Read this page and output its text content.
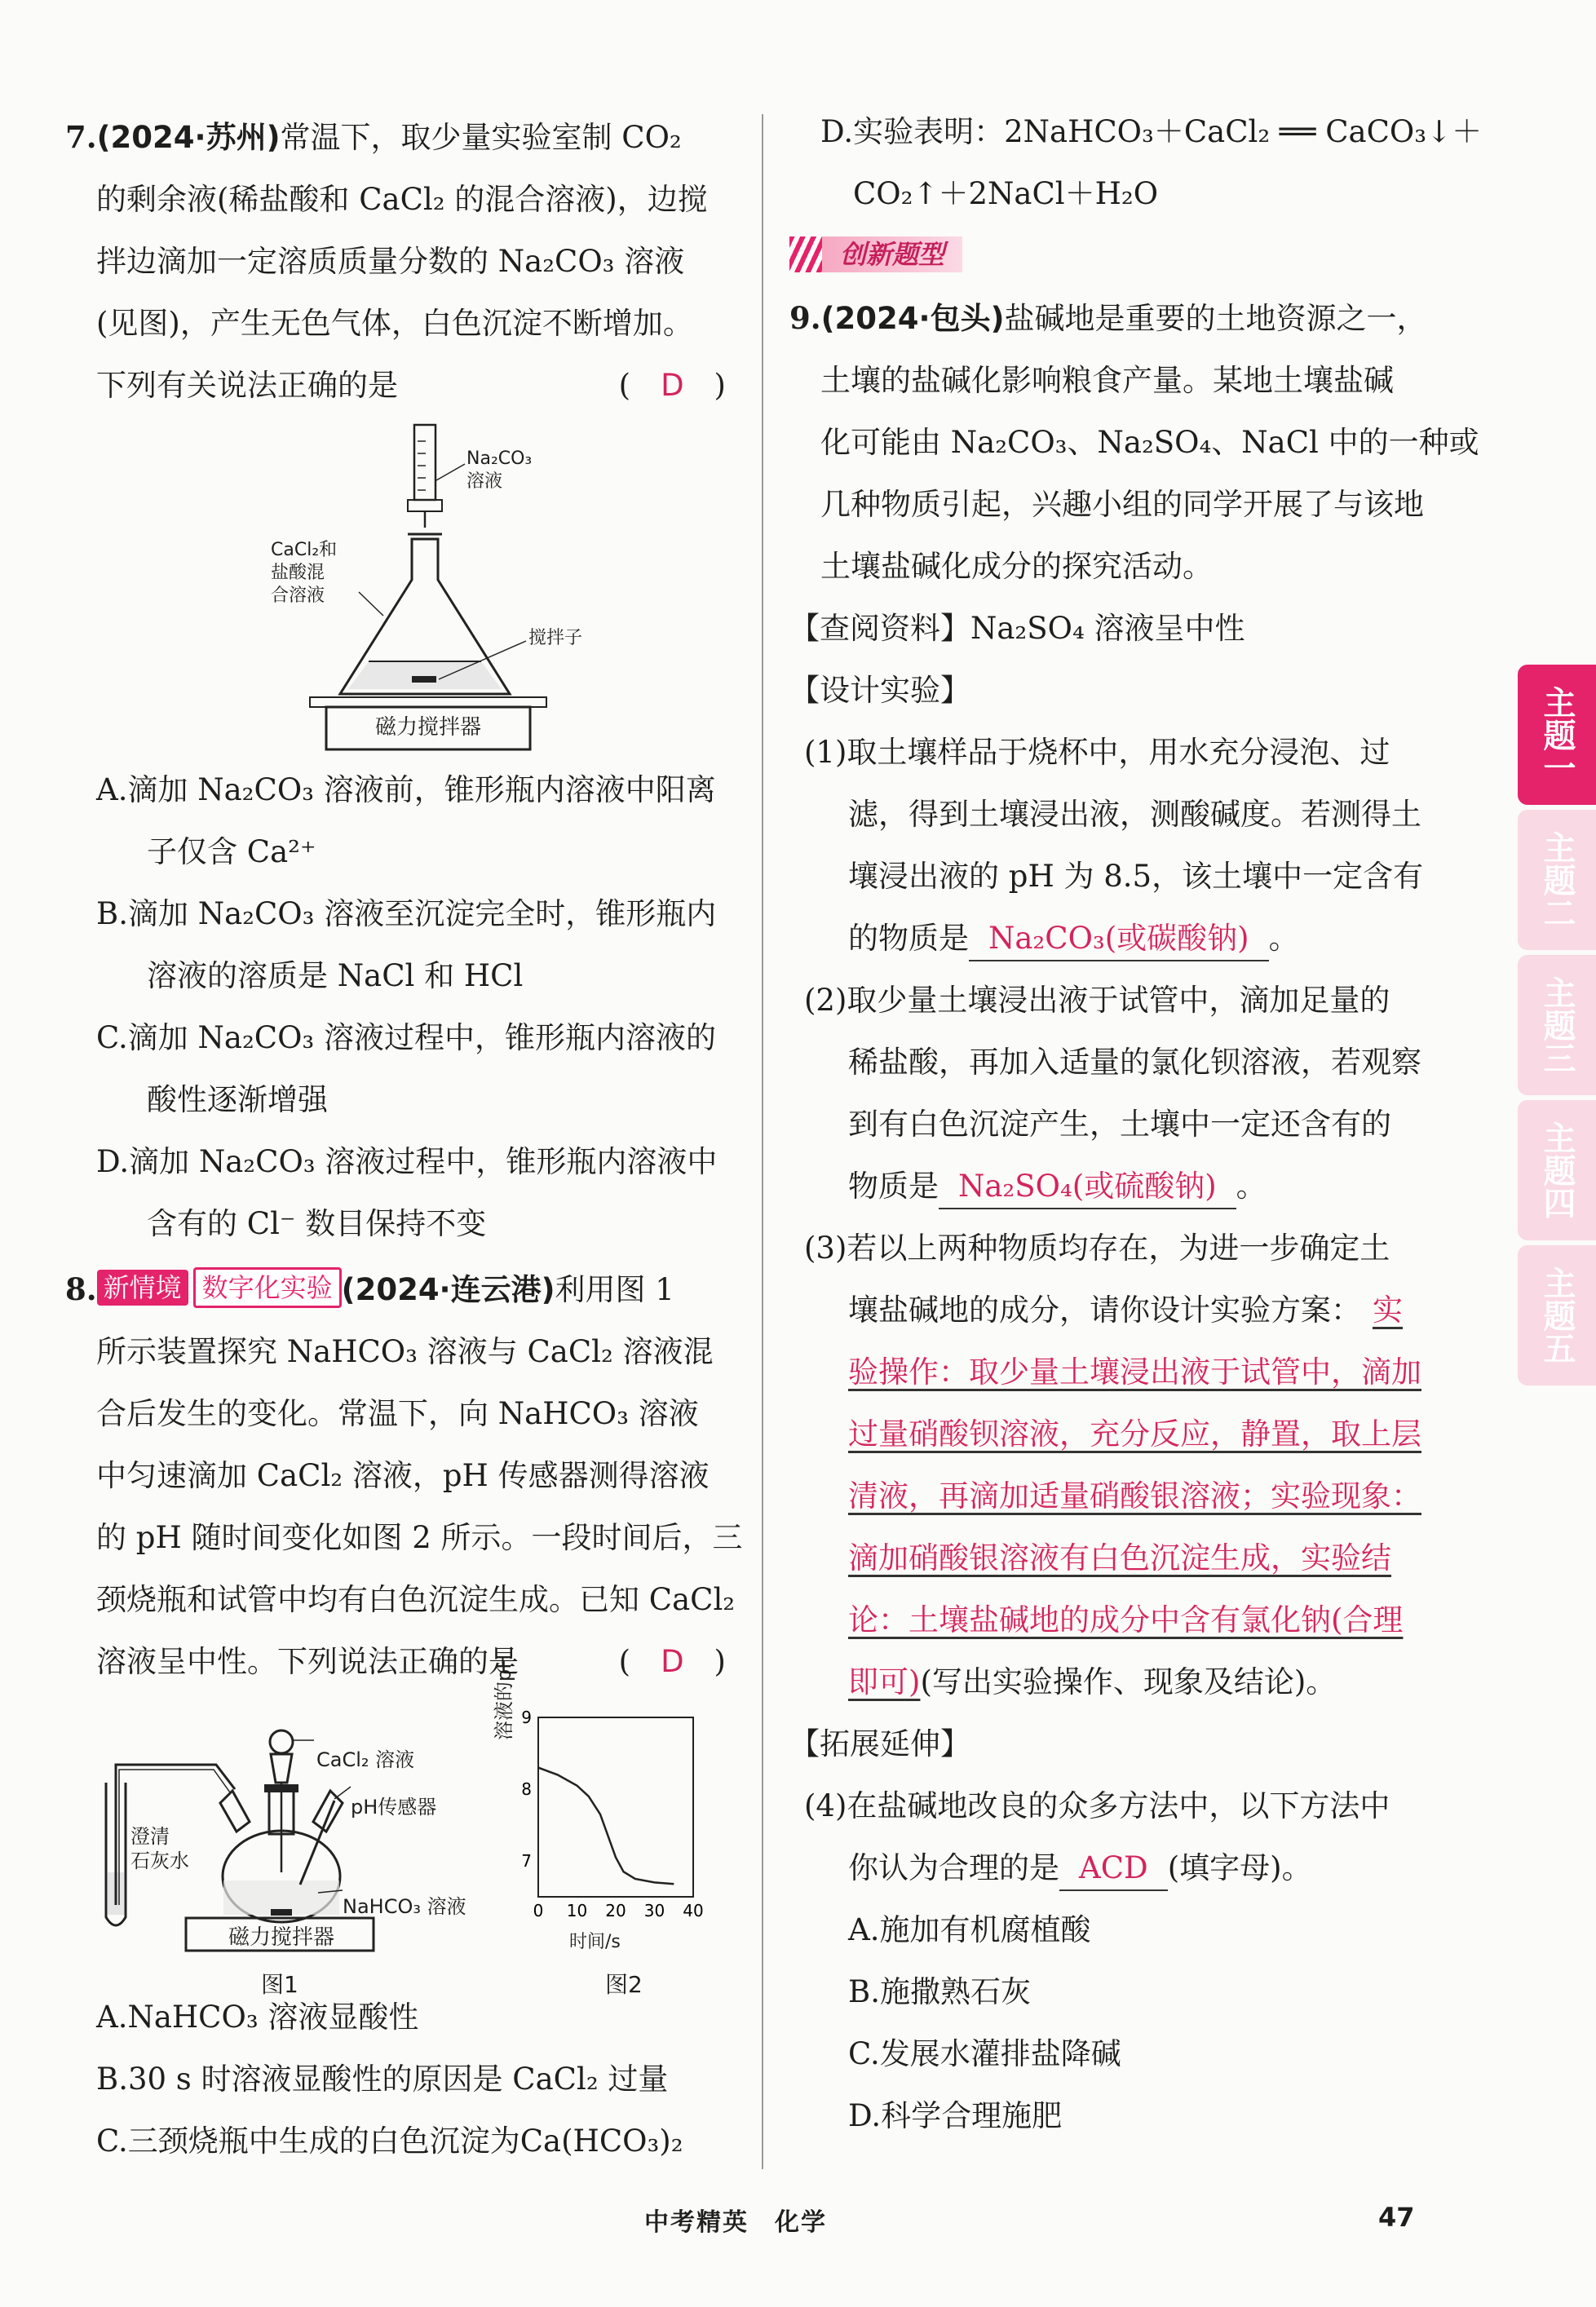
7.(2024·苏州)常温下，取少量实验室制 CO₂
的剩余液(稀盐酸和 CaCl₂ 的混合溶液)，边搅
拌边滴加一定溶质质量分数的 Na₂CO₃ 溶液
(见图)，产生无色气体，白色沉淀不断增加。
下列有关说法正确的是	(　D　)
Na₂CO₃
溶液
CaCl₂和
盐酸混
合溶液
搅拌子
磁力搅拌器
A.滴加 Na₂CO₃ 溶液前，锥形瓶内溶液中阳离
子仅含 Ca²⁺
B.滴加 Na₂CO₃ 溶液至沉淀完全时，锥形瓶内
溶液的溶质是 NaCl 和 HCl
C.滴加 Na₂CO₃ 溶液过程中，锥形瓶内溶液的
酸性逐渐增强
D.滴加 Na₂CO₃ 溶液过程中，锥形瓶内溶液中
含有的 Cl⁻ 数目保持不变
8. 新情境 数字化实验 (2024·连云港)利用图 1
所示装置探究 NaHCO₃ 溶液与 CaCl₂ 溶液混
合后发生的变化。常温下，向 NaHCO₃ 溶液
中匀速滴加 CaCl₂ 溶液，pH 传感器测得溶液
的 pH 随时间变化如图 2 所示。一段时间后，三
颈烧瓶和试管中均有白色沉淀生成。已知 CaCl₂
溶液呈中性。下列说法正确的是	(　D　)
CaCl₂ 溶液
pH传感器
澄清
石灰水
NaHCO₃ 溶液
磁力搅拌器
图1
0 10 20 30 40
7
8
9
溶液的pH
时间/s
图2
A.NaHCO₃ 溶液显酸性
B.30 s 时溶液显酸性的原因是 CaCl₂ 过量
C.三颈烧瓶中生成的白色沉淀为Ca(HCO₃)₂
D.实验表明：2NaHCO₃＋CaCl₂ ══ CaCO₃↓＋
CO₂↑＋2NaCl＋H₂O
创新题型
9.(2024·包头)盐碱地是重要的土地资源之一，
土壤的盐碱化影响粮食产量。某地土壤盐碱
化可能由 Na₂CO₃、Na₂SO₄、NaCl 中的一种或
几种物质引起，兴趣小组的同学开展了与该地
土壤盐碱化成分的探究活动。
【查阅资料】Na₂SO₄ 溶液呈中性
【设计实验】
(1)取土壤样品于烧杯中，用水充分浸泡、过
滤，得到土壤浸出液，测酸碱度。若测得土
壤浸出液的 pH 为 8.5，该土壤中一定含有
的物质是 Na₂CO₃(或碳酸钠) 。
(2)取少量土壤浸出液于试管中，滴加足量的
稀盐酸，再加入适量的氯化钡溶液，若观察
到有白色沉淀产生，土壤中一定还含有的
物质是 Na₂SO₄(或硫酸钠) 。
(3)若以上两种物质均存在，为进一步确定土
壤盐碱地的成分，请你设计实验方案： 实
验操作：取少量土壤浸出液于试管中，滴加
过量硝酸钡溶液，充分反应，静置，取上层
清液，再滴加适量硝酸银溶液；实验现象：
滴加硝酸银溶液有白色沉淀生成，实验结
论：土壤盐碱地的成分中含有氯化钠(合理
即可)(写出实验操作、现象及结论)。
【拓展延伸】
(4)在盐碱地改良的众多方法中，以下方法中
你认为合理的是 ACD (填字母)。
A.施加有机腐植酸
B.施撒熟石灰
C.发展水灌排盐降碱
D.科学合理施肥
主题一
主题二
主题三
主题四
主题五
中考精英　化学	47
